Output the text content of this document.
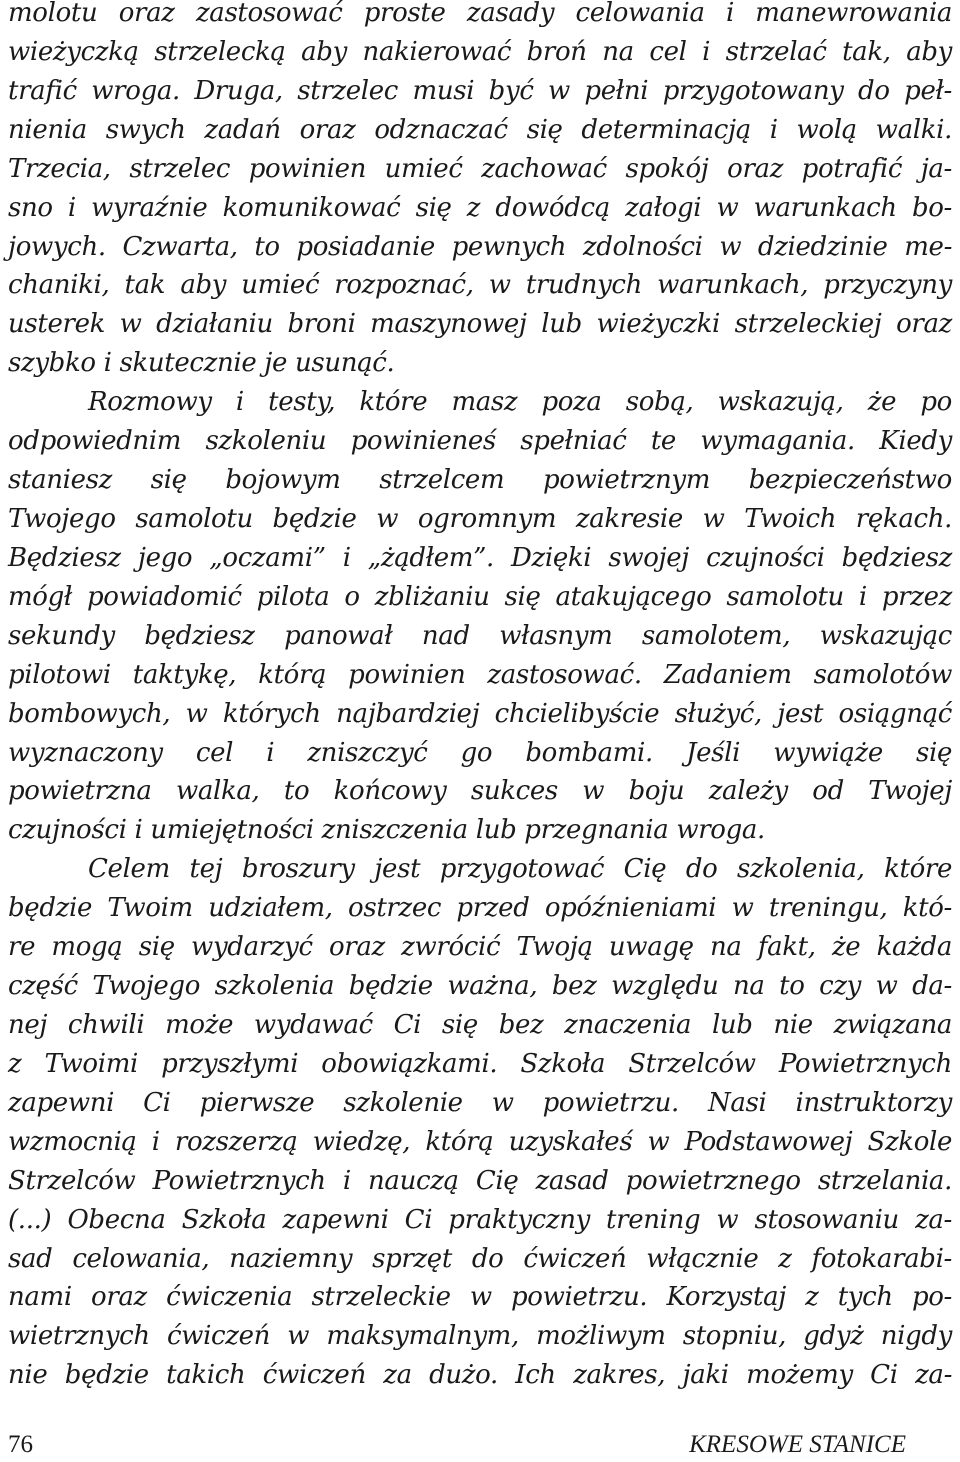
molotu oraz zastosować proste zasady celowania i manewrowania
wieżyczką strzelecką aby nakierować broń na cel i strzelać tak, aby
trafić wroga. Druga, strzelec musi być w pełni przygotowany do peł-
nienia swych zadań oraz odznaczać się determinacją i wolą walki.
Trzecia, strzelec powinien umieć zachować spokój oraz potrafić ja-
sno i wyraźnie komunikować się z dowódcą załogi w warunkach bo-
jowych. Czwarta, to posiadanie pewnych zdolności w dziedzinie me-
chaniki, tak aby umieć rozpoznać, w trudnych warunkach, przyczyny
usterek w działaniu broni maszynowej lub wieżyczki strzeleckiej oraz
szybko i skutecznie je usunąć.
Rozmowy i testy, które masz poza sobą, wskazują, że po
odpowiednim szkoleniu powinieneś spełniać te wymagania. Kiedy
staniesz się bojowym strzelcem powietrznym bezpieczeństwo
Twojego samolotu będzie w ogromnym zakresie w Twoich rękach.
Będziesz jego „oczami” i „żądłem”. Dzięki swojej czujności będziesz
mógł powiadomić pilota o zbliżaniu się atakującego samolotu i przez
sekundy będziesz panował nad własnym samolotem, wskazując
pilotowi taktykę, którą powinien zastosować. Zadaniem samolotów
bombowych, w których najbardziej chcielibyście służyć, jest osiągnąć
wyznaczony cel i zniszczyć go bombami. Jeśli wywiąże się
powietrzna walka, to końcowy sukces w boju zależy od Twojej
czujności i umiejętności zniszczenia lub przegnania wroga.
Celem tej broszury jest przygotować Cię do szkolenia, które
będzie Twoim udziałem, ostrzec przed opóźnieniami w treningu, któ-
re mogą się wydarzyć oraz zwrócić Twoją uwagę na fakt, że każda
część Twojego szkolenia będzie ważna, bez względu na to czy w da-
nej chwili może wydawać Ci się bez znaczenia lub nie związana
z Twoimi przyszłymi obowiązkami. Szkoła Strzelców Powietrznych
zapewni Ci pierwsze szkolenie w powietrzu. Nasi instruktorzy
wzmocnią i rozszerzą wiedzę, którą uzyskałeś w Podstawowej Szkole
Strzelców Powietrznych i nauczą Cię zasad powietrznego strzelania.
(...) Obecna Szkoła zapewni Ci praktyczny trening w stosowaniu za-
sad celowania, naziemny sprzęt do ćwiczeń włącznie z fotokarabi-
nami oraz ćwiczenia strzeleckie w powietrzu. Korzystaj z tych po-
wietrznych ćwiczeń w maksymalnym, możliwym stopniu, gdyż nigdy
nie będzie takich ćwiczeń za dużo. Ich zakres, jaki możemy Ci za-
76	KRESOWE STANICE
